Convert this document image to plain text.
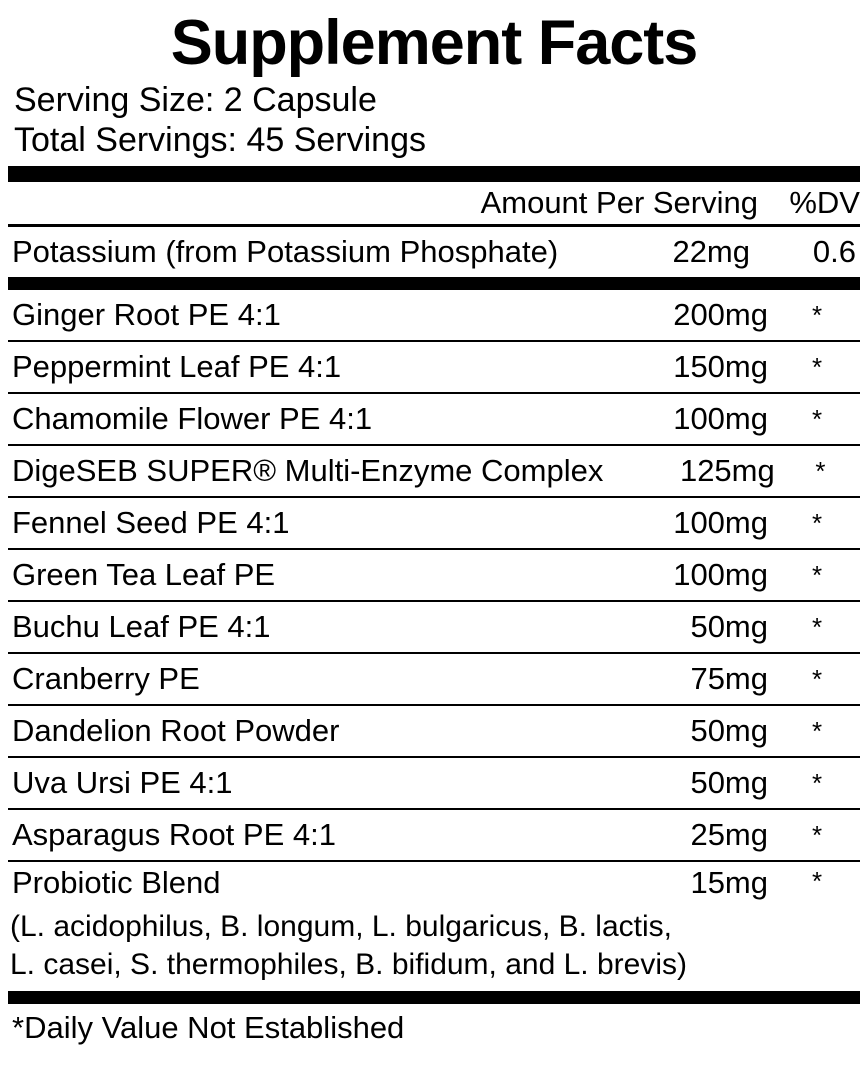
Supplement Facts
Serving Size: 2 Capsule
Total Servings: 45 Servings
Amount Per Serving	%DV
Potassium (from Potassium Phosphate)	22mg	0.6
Ginger Root PE 4:1	200mg	*
Peppermint Leaf PE 4:1	150mg	*
Chamomile Flower PE 4:1	100mg	*
DigeSEB SUPER® Multi-Enzyme Complex	125mg	*
Fennel Seed PE 4:1	100mg	*
Green Tea Leaf PE	100mg	*
Buchu Leaf PE 4:1	50mg	*
Cranberry PE	75mg	*
Dandelion Root Powder	50mg	*
Uva Ursi PE 4:1	50mg	*
Asparagus Root PE 4:1	25mg	*
Probiotic Blend	15mg	*
(L. acidophilus, B. longum, L. bulgaricus, B. lactis,
L. casei, S. thermophiles, B. bifidum, and L. brevis)
*Daily Value Not Established
